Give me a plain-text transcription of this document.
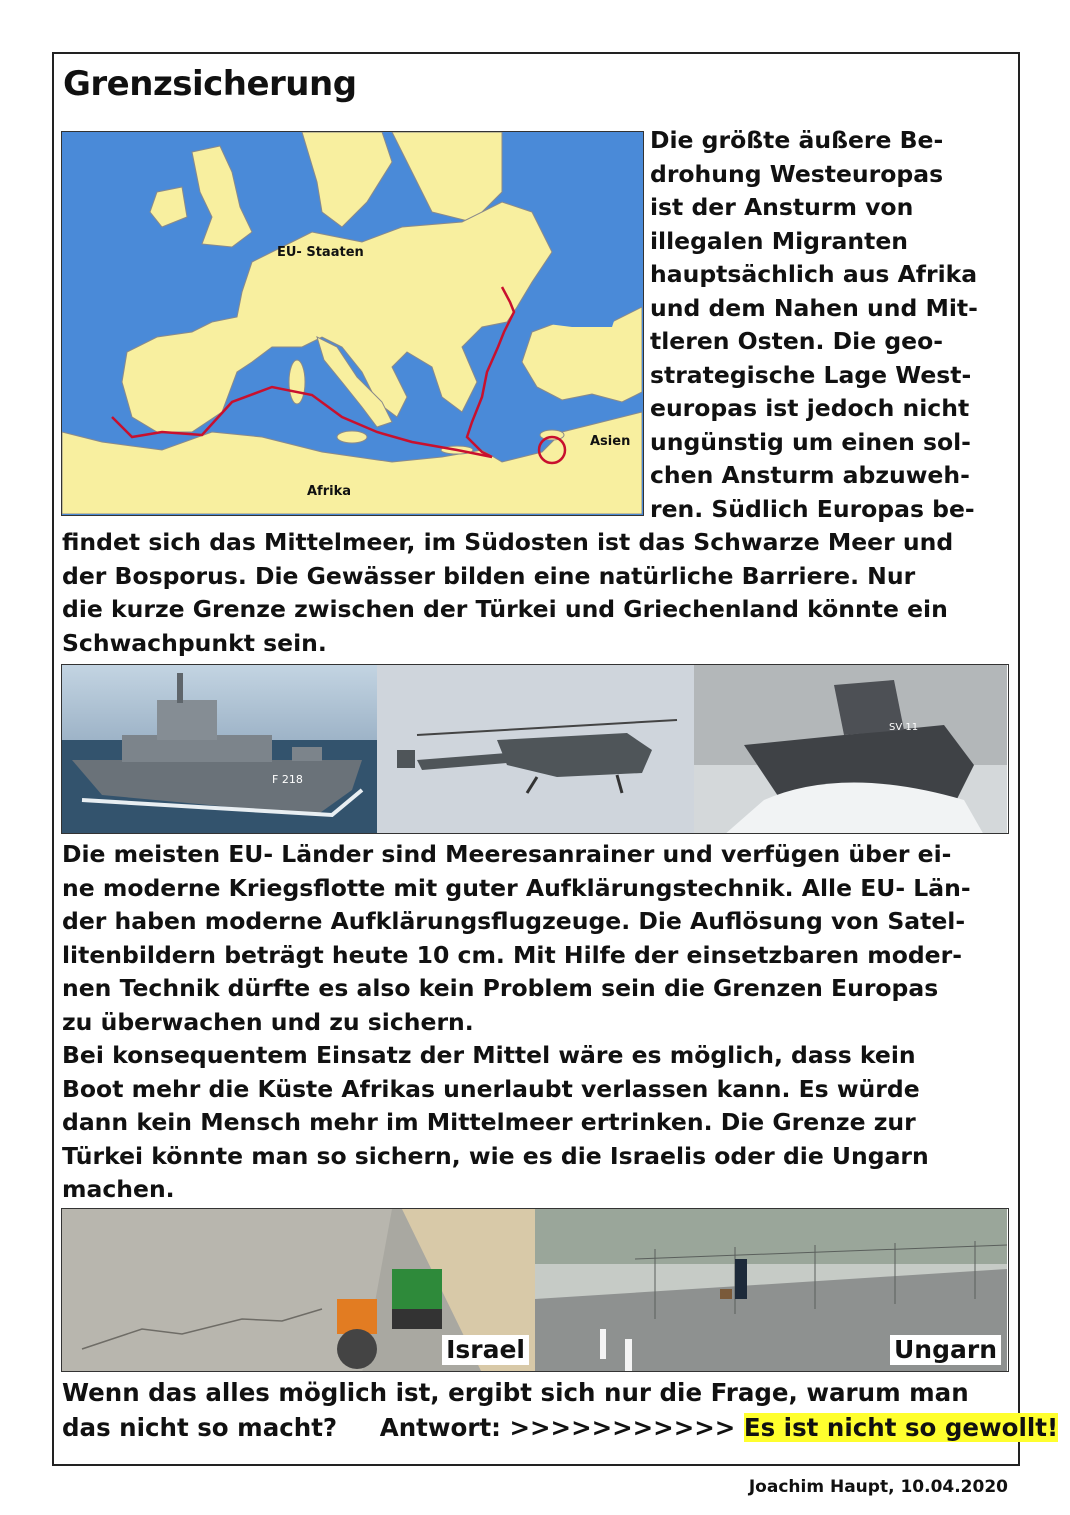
Grenzsicherung
EU- Staaten
Asien
Afrika
Die größte äußere Be-
drohung Westeuropas
ist der Ansturm von
illegalen Migranten
hauptsächlich aus Afrika
und dem Nahen und Mit-
tleren Osten. Die geo-
strategische Lage West-
europas ist jedoch nicht
ungünstig um einen sol-
chen Ansturm abzuweh-
ren. Südlich Europas be-
findet sich das Mittelmeer, im Südosten ist das Schwarze Meer und
der Bosporus. Die Gewässer bilden eine natürliche Barriere. Nur
die kurze Grenze zwischen der Türkei und Griechenland könnte ein
Schwachpunkt sein.
F 218
SV 11
Die meisten EU- Länder sind Meeresanrainer und verfügen über ei-
ne moderne Kriegsflotte mit guter Aufklärungstechnik. Alle EU- Län-
der haben moderne Aufklärungsflugzeuge. Die Auflösung von Satel-
litenbildern beträgt heute 10 cm. Mit Hilfe der einsetzbaren moder-
nen Technik dürfte es also kein Problem sein die Grenzen Europas
zu überwachen und zu sichern.
Bei konsequentem Einsatz der Mittel wäre es möglich, dass kein
Boot mehr die Küste Afrikas unerlaubt verlassen kann. Es würde
dann kein Mensch mehr im Mittelmeer ertrinken. Die Grenze zur
Türkei könnte man so sichern, wie es die Israelis oder die Ungarn
machen.
Israel	Ungarn
Wenn das alles möglich ist, ergibt sich nur die Frage, warum man
das nicht so macht? Antwort: >>>>>>>>>>> Es ist nicht so gewollt!
Joachim Haupt, 10.04.2020
